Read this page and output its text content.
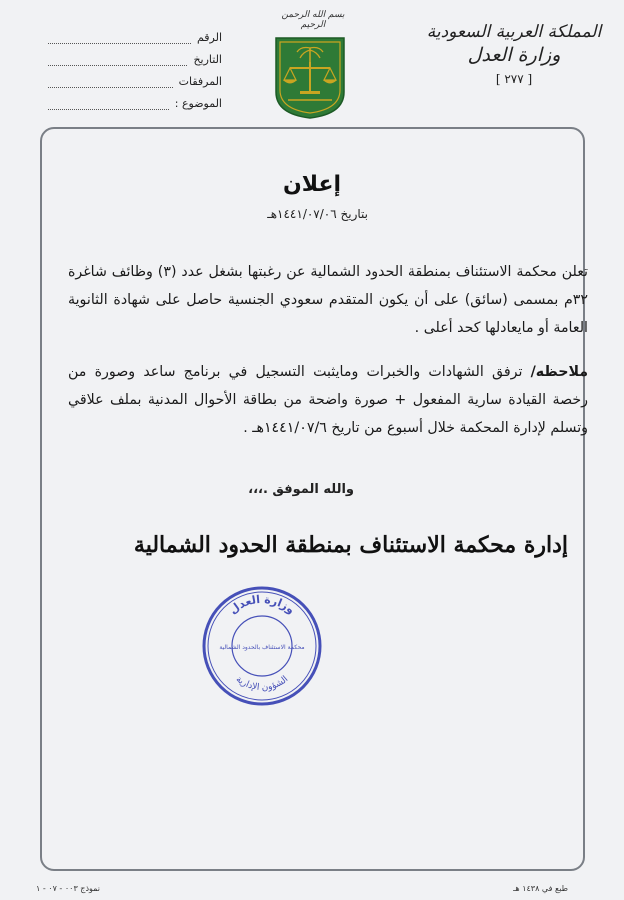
المملكة العربية السعودية
وزارة العدل
[ ٢٧٧ ]
بسم الله الرحمن الرحيم
الرقم
التاريخ
المرفقات
الموضوع :
إعلان
بتاريخ ١٤٤١/٠٧/٠٦هـ
تعلن محكمة الاستئناف بمنطقة الحدود الشمالية عن رغبتها بشغل عدد (٣) وظائف شاغرة ٣٢م بمسمى (سائق) على أن يكون المتقدم سعودي الجنسية حاصل على شهادة الثانوية العامة أو مايعادلها كحد أعلى .
ملاحظه/ ترفق الشهادات والخبرات ومايثبت التسجيل في برنامج ساعد وصورة من رخصة القيادة سارية المفعول + صورة واضحة من بطاقة الأحوال المدنية بملف علاقي وتسلم لإدارة المحكمة خلال أسبوع من تاريخ ١٤٤١/٠٧/٦هـ .
والله الموفق .،،،
إدارة محكمة الاستئناف بمنطقة الحدود الشمالية
وزارة العدل
محكمة الاستئناف بالحدود الشمالية
الشؤون الإدارية
طبع في ١٤٣٨ هـ
نموذج ٠٠٣ - ٠٧ - ١
